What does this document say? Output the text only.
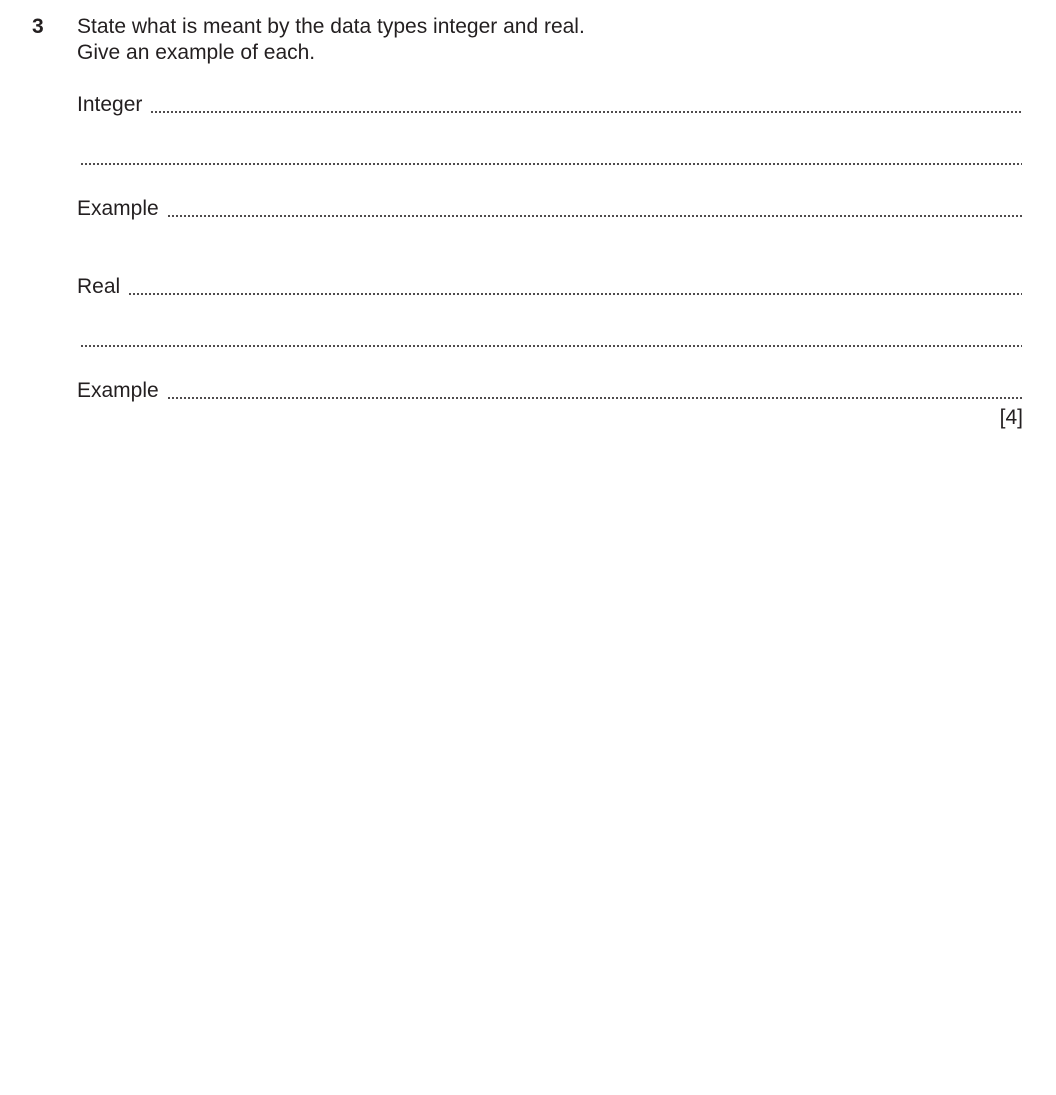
3 State what is meant by the data types integer and real.
Give an example of each.
Integer
Example
Real
Example
[4]
